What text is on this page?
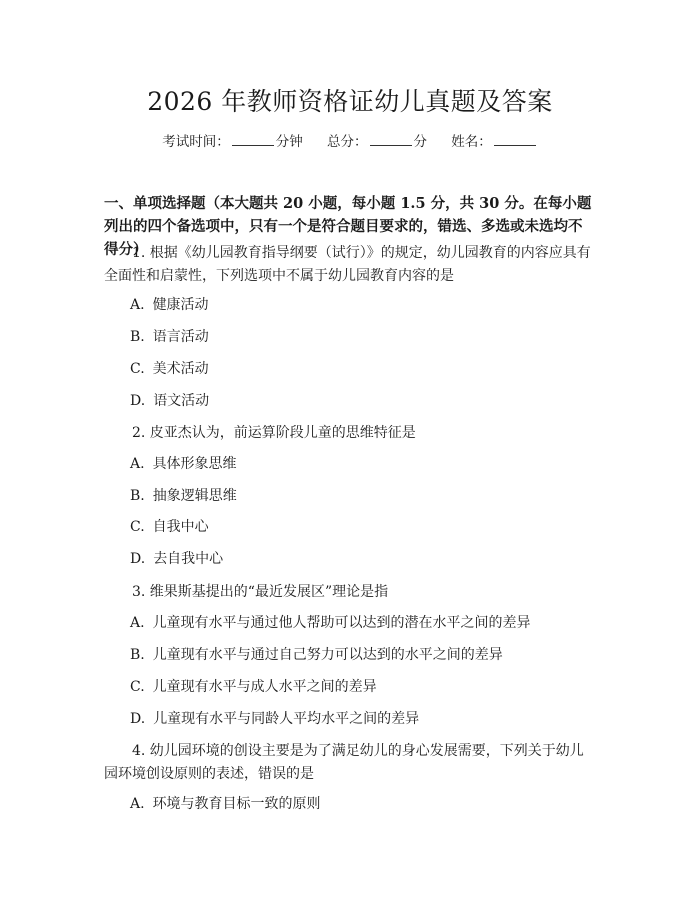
2026 年教师资格证幼儿真题及答案
考试时间：	分钟 总分：	分 姓名：
一、单项选择题（本大题共 20 小题，每小题 1.5 分，共 30 分。在每小题列出的四个备选项中，只有一个是符合题目要求的，错选、多选或未选均不得分）
1. 根据《幼儿园教育指导纲要（试行）》的规定，幼儿园教育的内容应具有全面性和启蒙性，下列选项中不属于幼儿园教育内容的是
A. 健康活动
B. 语言活动
C. 美术活动
D. 语文活动
2. 皮亚杰认为，前运算阶段儿童的思维特征是
A. 具体形象思维
B. 抽象逻辑思维
C. 自我中心
D. 去自我中心
3. 维果斯基提出的“最近发展区”理论是指
A. 儿童现有水平与通过他人帮助可以达到的潜在水平之间的差异
B. 儿童现有水平与通过自己努力可以达到的水平之间的差异
C. 儿童现有水平与成人水平之间的差异
D. 儿童现有水平与同龄人平均水平之间的差异
4. 幼儿园环境的创设主要是为了满足幼儿的身心发展需要，下列关于幼儿园环境创设原则的表述，错误的是
A. 环境与教育目标一致的原则
